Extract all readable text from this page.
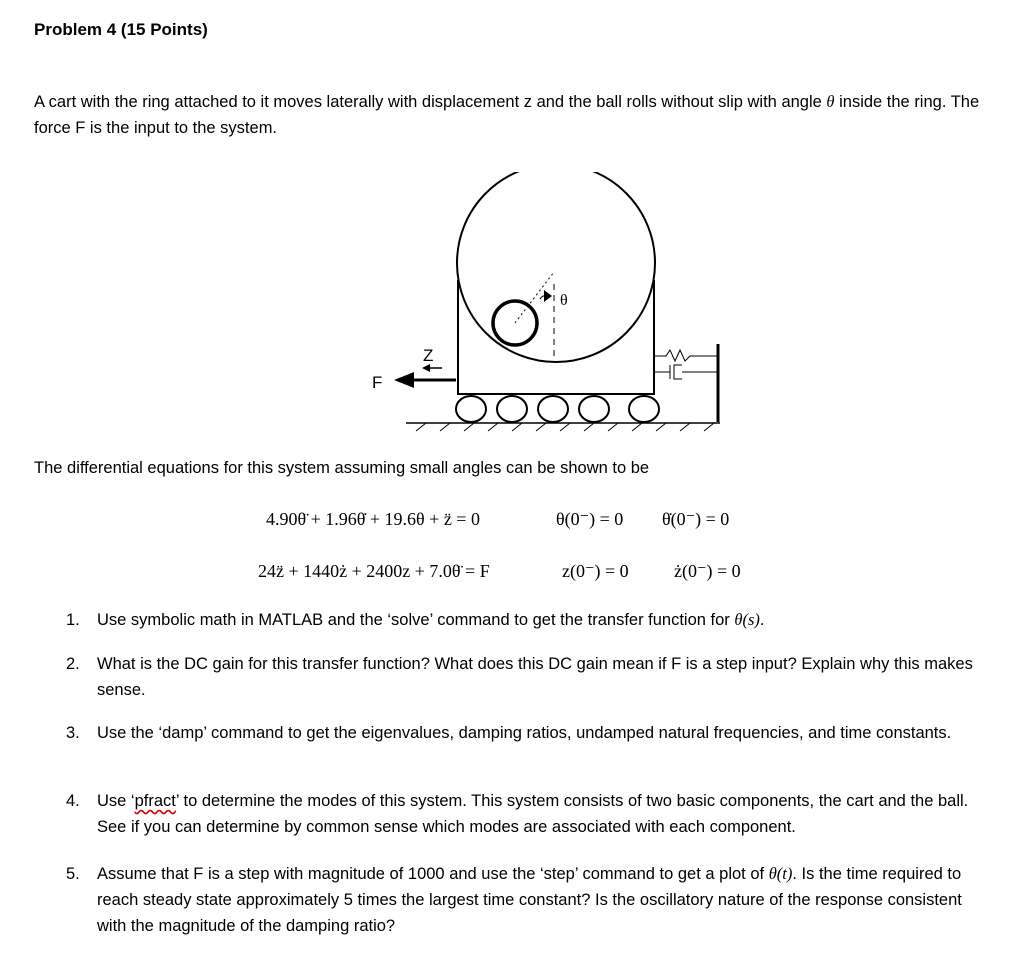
Problem 4 (15 Points)
A cart with the ring attached to it moves laterally with displacement z and the ball rolls without slip with angle θ inside the ring. The force F is the input to the system.
θ
Z
F
The differential equations for this system assuming small angles can be shown to be
4.90θ̈ + 1.96θ̇ + 19.6θ + z̈ = 0	θ(0⁻) = 0 θ̇(0⁻) = 0
24z̈ + 1440ż + 2400z + 7.0θ̈ = F	z(0⁻) = 0	ż(0⁻) = 0
1.	Use symbolic math in MATLAB and the ‘solve’ command to get the transfer function for θ(s).
2.	What is the DC gain for this transfer function? What does this DC gain mean if F is a step input? Explain why this makes sense.
3.	Use the ‘damp’ command to get the eigenvalues, damping ratios, undamped natural frequencies, and time constants.
4.	Use ‘pfract’ to determine the modes of this system. This system consists of two basic components, the cart and the ball. See if you can determine by common sense which modes are associated with each component.
5.	Assume that F is a step with magnitude of 1000 and use the ‘step’ command to get a plot of θ(t). Is the time required to reach steady state approximately 5 times the largest time constant? Is the oscillatory nature of the response consistent with the magnitude of the damping ratio?
